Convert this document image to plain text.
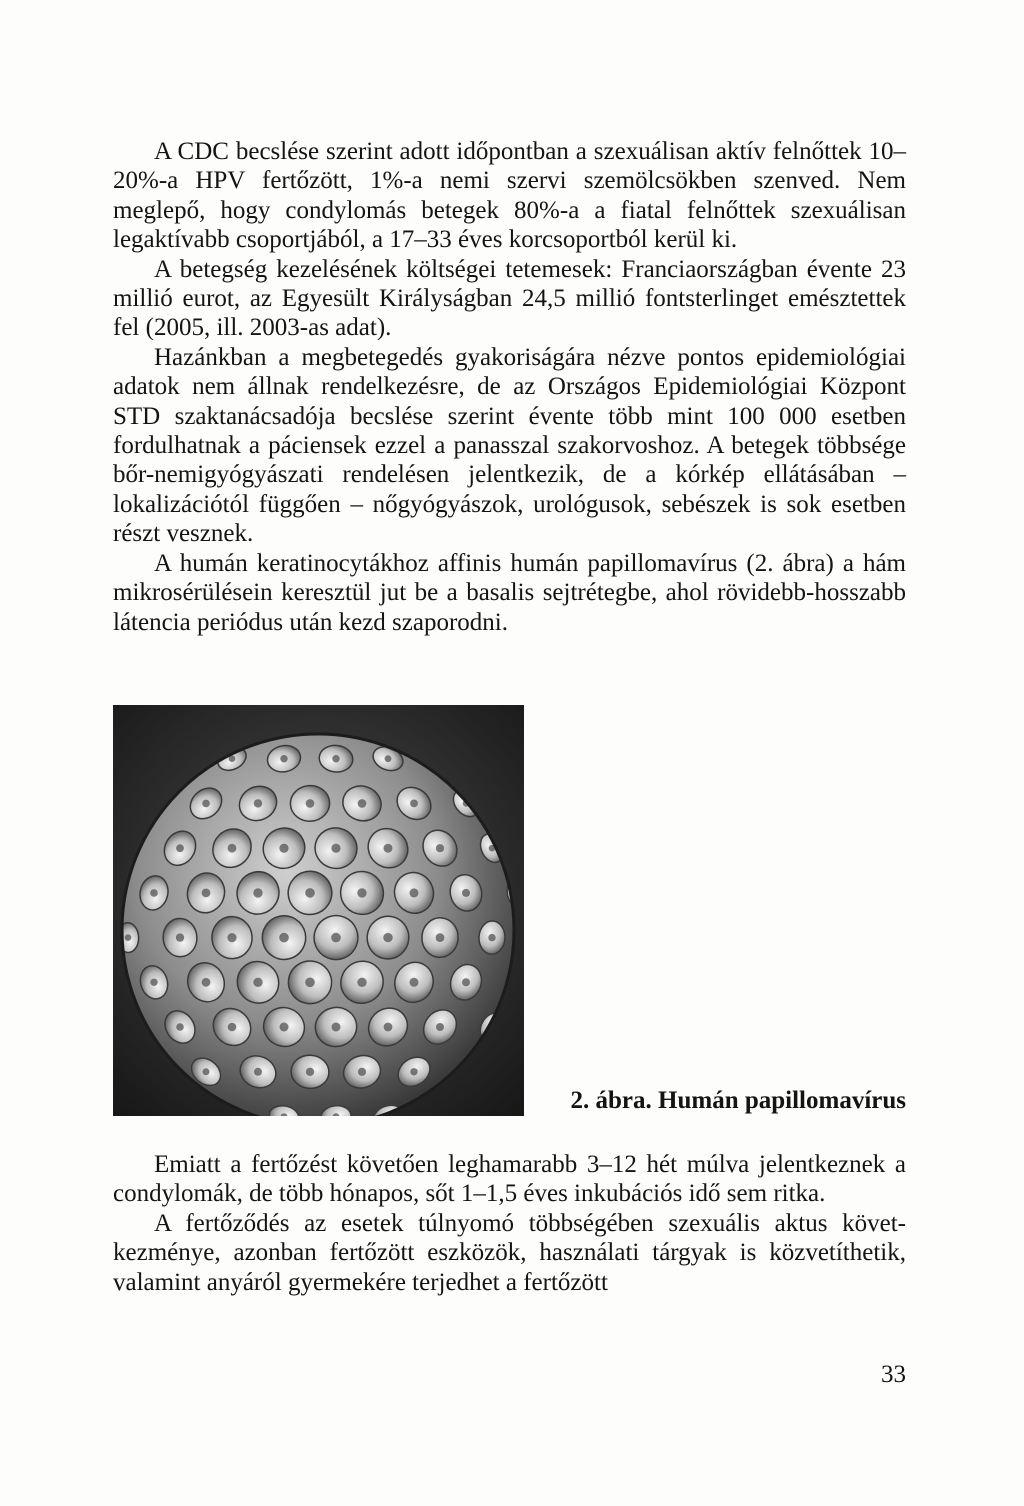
A CDC becslése szerint adott időpontban a szexuálisan aktív felnőttek 10–20%-a HPV fertőzött, 1%-a nemi szervi szemölcsökben szenved. Nem meglepő, hogy condylomás betegek 80%-a a fiatal felnőttek szexuálisan legaktívabb csoportjából, a 17–33 éves korcsoportból kerül ki.

A betegség kezelésének költségei tetemesek: Franciaországban évente 23 millió eurot, az Egyesült Királyságban 24,5 millió fontsterlinget emésztettek fel (2005, ill. 2003-as adat).

Hazánkban a megbetegedés gyakoriságára nézve pontos epidemiológiai adatok nem állnak rendelkezésre, de az Országos Epidemiológiai Központ STD szaktanácsadója becslése szerint évente több mint 100 000 esetben fordulhatnak a páciensek ezzel a panasszal szakorvoshoz. A betegek többsége bőr-nemigyógyászati rendelésen jelentkezik, de a kórkép ellátásában – lokalizációtól függően – nőgyógyászok, urológusok, sebészek is sok esetben részt vesznek.

A humán keratinocytákhoz affinis humán papillomavírus (2. ábra) a hám mikrosérülésein keresztül jut be a basalis sejtrétegbe, ahol rövidebb-hosszabb látencia periódus után kezd szaporodni.

2. ábra. Humán papillomavírus

Emiatt a fertőzést követően leghamarabb 3–12 hét múlva jelentkeznek a condylomák, de több hónapos, sőt 1–1,5 éves inkubációs idő sem ritka.

A fertőződés az esetek túlnyomó többségében szexuális aktus következménye, azonban fertőzött eszközök, használati tárgyak is közvetíthetik, valamint anyáról gyermekére terjedhet a fertőzött

33
